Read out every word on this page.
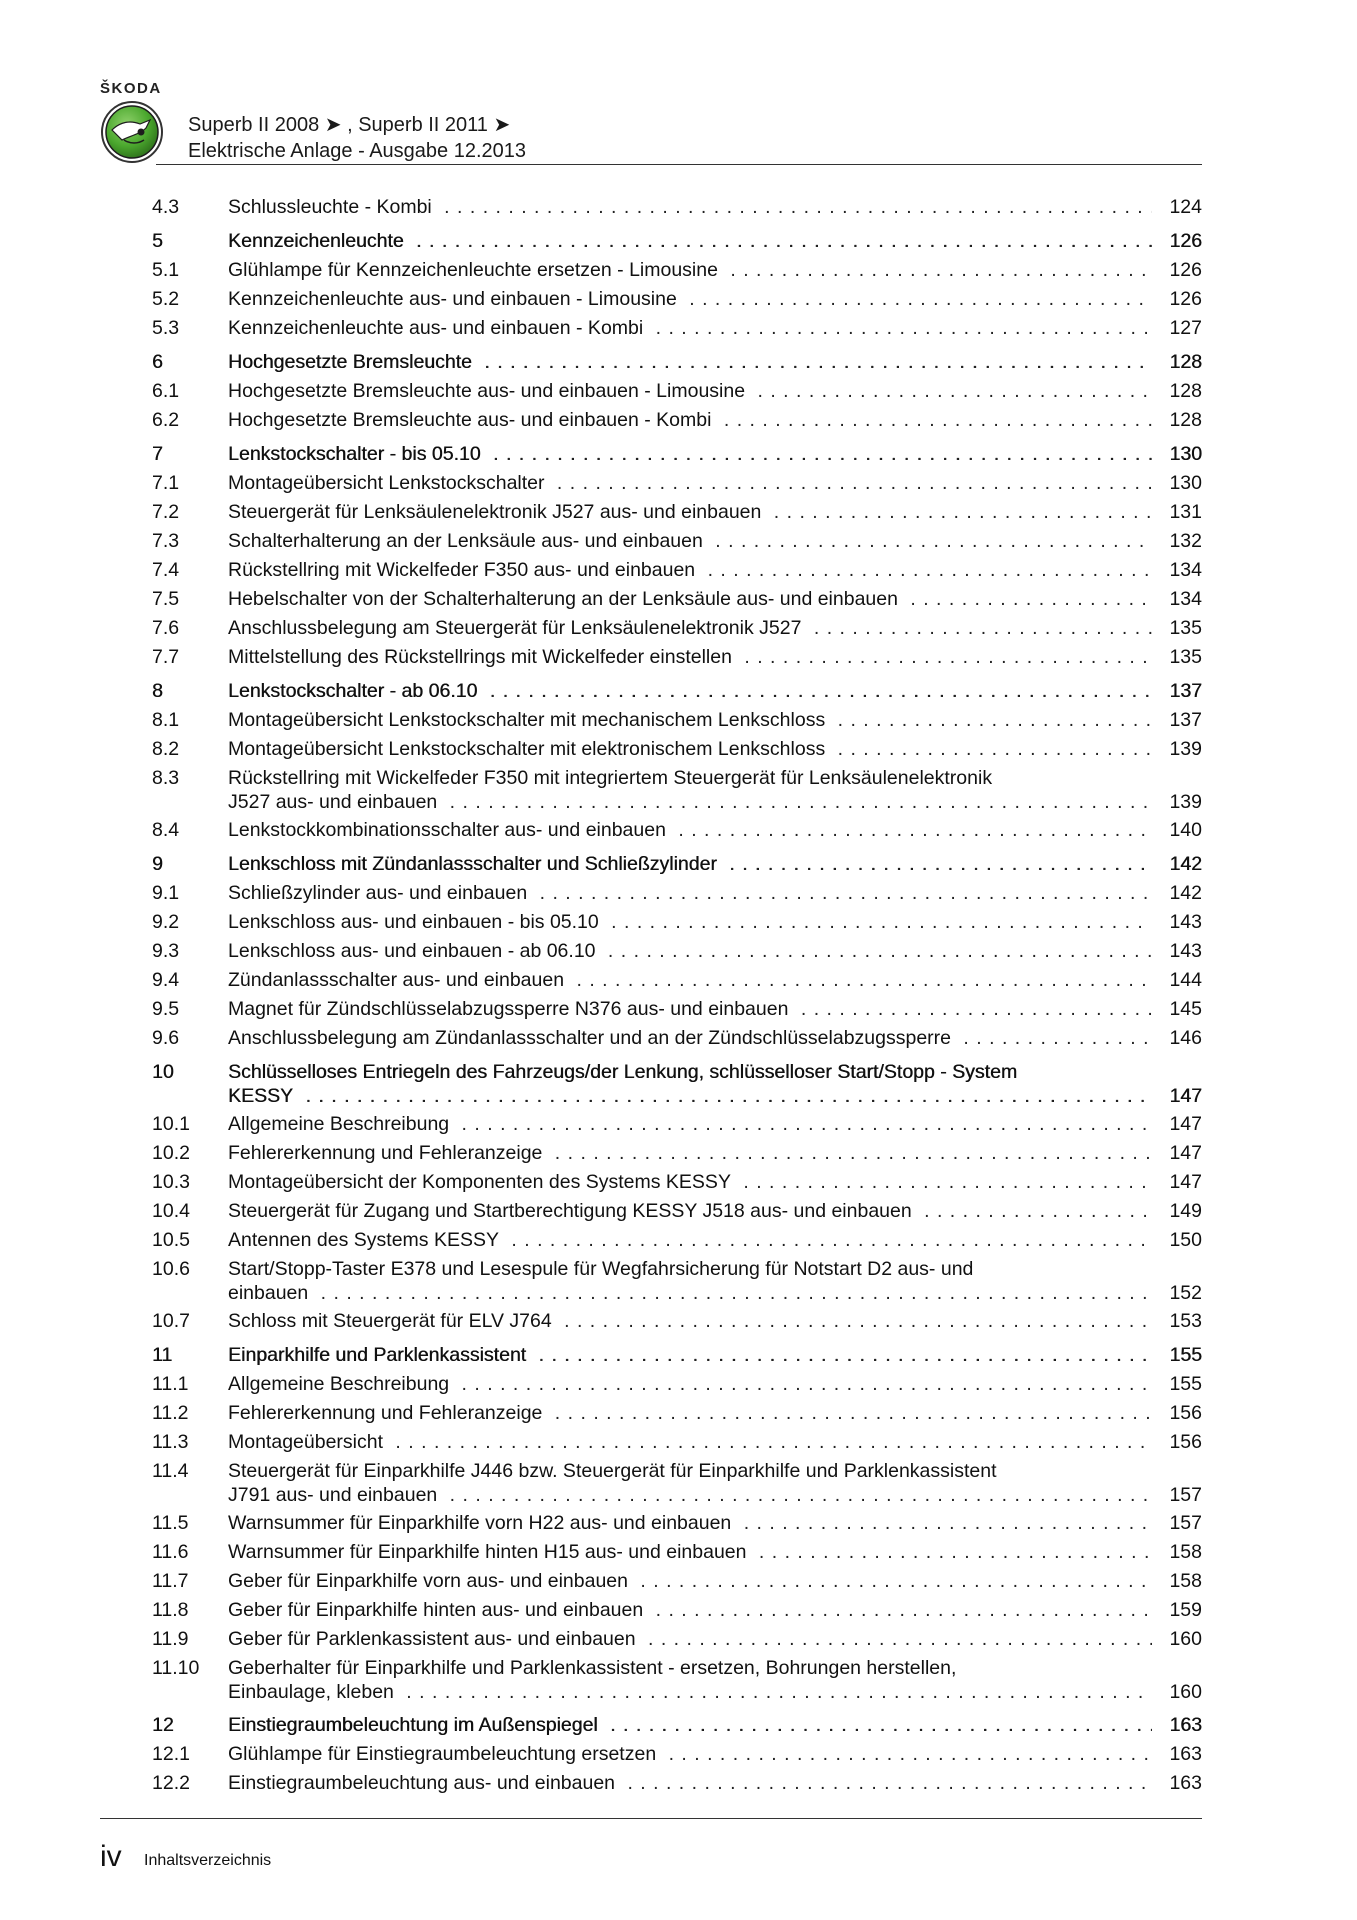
ŠKODA
Superb II 2008 ➤ , Superb II 2011 ➤
Elektrische Anlage - Ausgabe 12.2013
4.3	Schlussleuchte - Kombi . . .	124
5	Kennzeichenleuchte . . .	126
5.1	Glühlampe für Kennzeichenleuchte ersetzen - Limousine . . .	126
5.2	Kennzeichenleuchte aus- und einbauen - Limousine . . .	126
5.3	Kennzeichenleuchte aus- und einbauen - Kombi . . .	127
6	Hochgesetzte Bremsleuchte . . .	128
6.1	Hochgesetzte Bremsleuchte aus- und einbauen - Limousine . . .	128
6.2	Hochgesetzte Bremsleuchte aus- und einbauen - Kombi . . .	128
7	Lenkstockschalter - bis 05.10 . . .	130
7.1	Montageübersicht Lenkstockschalter . . .	130
7.2	Steuergerät für Lenksäulenelektronik J527 aus- und einbauen . . .	131
7.3	Schalterhalterung an der Lenksäule aus- und einbauen . . .	132
7.4	Rückstellring mit Wickelfeder F350 aus- und einbauen . . .	134
7.5	Hebelschalter von der Schalterhalterung an der Lenksäule aus- und einbauen . . .	134
7.6	Anschlussbelegung am Steuergerät für Lenksäulenelektronik J527 . . .	135
7.7	Mittelstellung des Rückstellrings mit Wickelfeder einstellen . . .	135
8	Lenkstockschalter - ab 06.10 . . .	137
8.1	Montageübersicht Lenkstockschalter mit mechanischem Lenkschloss . . .	137
8.2	Montageübersicht Lenkstockschalter mit elektronischem Lenkschloss . . .	139
8.3	Rückstellring mit Wickelfeder F350 mit integriertem Steuergerät für Lenksäulenelektronik
J527 aus- und einbauen . . .	139
8.4	Lenkstockkombinationsschalter aus- und einbauen . . .	140
9	Lenkschloss mit Zündanlassschalter und Schließzylinder . . .	142
9.1	Schließzylinder aus- und einbauen . . .	142
9.2	Lenkschloss aus- und einbauen - bis 05.10 . . .	143
9.3	Lenkschloss aus- und einbauen - ab 06.10 . . .	143
9.4	Zündanlassschalter aus- und einbauen . . .	144
9.5	Magnet für Zündschlüsselabzugssperre N376 aus- und einbauen . . .	145
9.6	Anschlussbelegung am Zündanlassschalter und an der Zündschlüsselabzugssperre . . .	146
10	Schlüsselloses Entriegeln des Fahrzeugs/der Lenkung, schlüsselloser Start/Stopp - System
KESSY . . .	147
10.1 Allgemeine Beschreibung . . .	147
10.2 Fehlererkennung und Fehleranzeige . . .	147
10.3 Montageübersicht der Komponenten des Systems KESSY . . .	147
10.4 Steuergerät für Zugang und Startberechtigung KESSY J518 aus- und einbauen . . .	149
10.5 Antennen des Systems KESSY . . .	150
10.6 Start/Stopp-Taster E378 und Lesespule für Wegfahrsicherung für Notstart D2 aus- und
einbauen . . .	152
10.7 Schloss mit Steuergerät für ELV J764 . . .	153
11	Einparkhilfe und Parklenkassistent . . .	155
11.1 Allgemeine Beschreibung . . .	155
11.2 Fehlererkennung und Fehleranzeige . . .	156
11.3 Montageübersicht . . .	156
11.4 Steuergerät für Einparkhilfe J446 bzw. Steuergerät für Einparkhilfe und Parklenkassistent
J791 aus- und einbauen . . .	157
11.5 Warnsummer für Einparkhilfe vorn H22 aus- und einbauen . . .	157
11.6 Warnsummer für Einparkhilfe hinten H15 aus- und einbauen . . .	158
11.7 Geber für Einparkhilfe vorn aus- und einbauen . . .	158
11.8 Geber für Einparkhilfe hinten aus- und einbauen . . .	159
11.9 Geber für Parklenkassistent aus- und einbauen . . .	160
11.10 Geberhalter für Einparkhilfe und Parklenkassistent - ersetzen, Bohrungen herstellen,
Einbaulage, kleben . . .	160
12	Einstiegraumbeleuchtung im Außenspiegel . . .	163
12.1 Glühlampe für Einstiegraumbeleuchtung ersetzen . . .	163
12.2 Einstiegraumbeleuchtung aus- und einbauen . . .	163
iv Inhaltsverzeichnis
